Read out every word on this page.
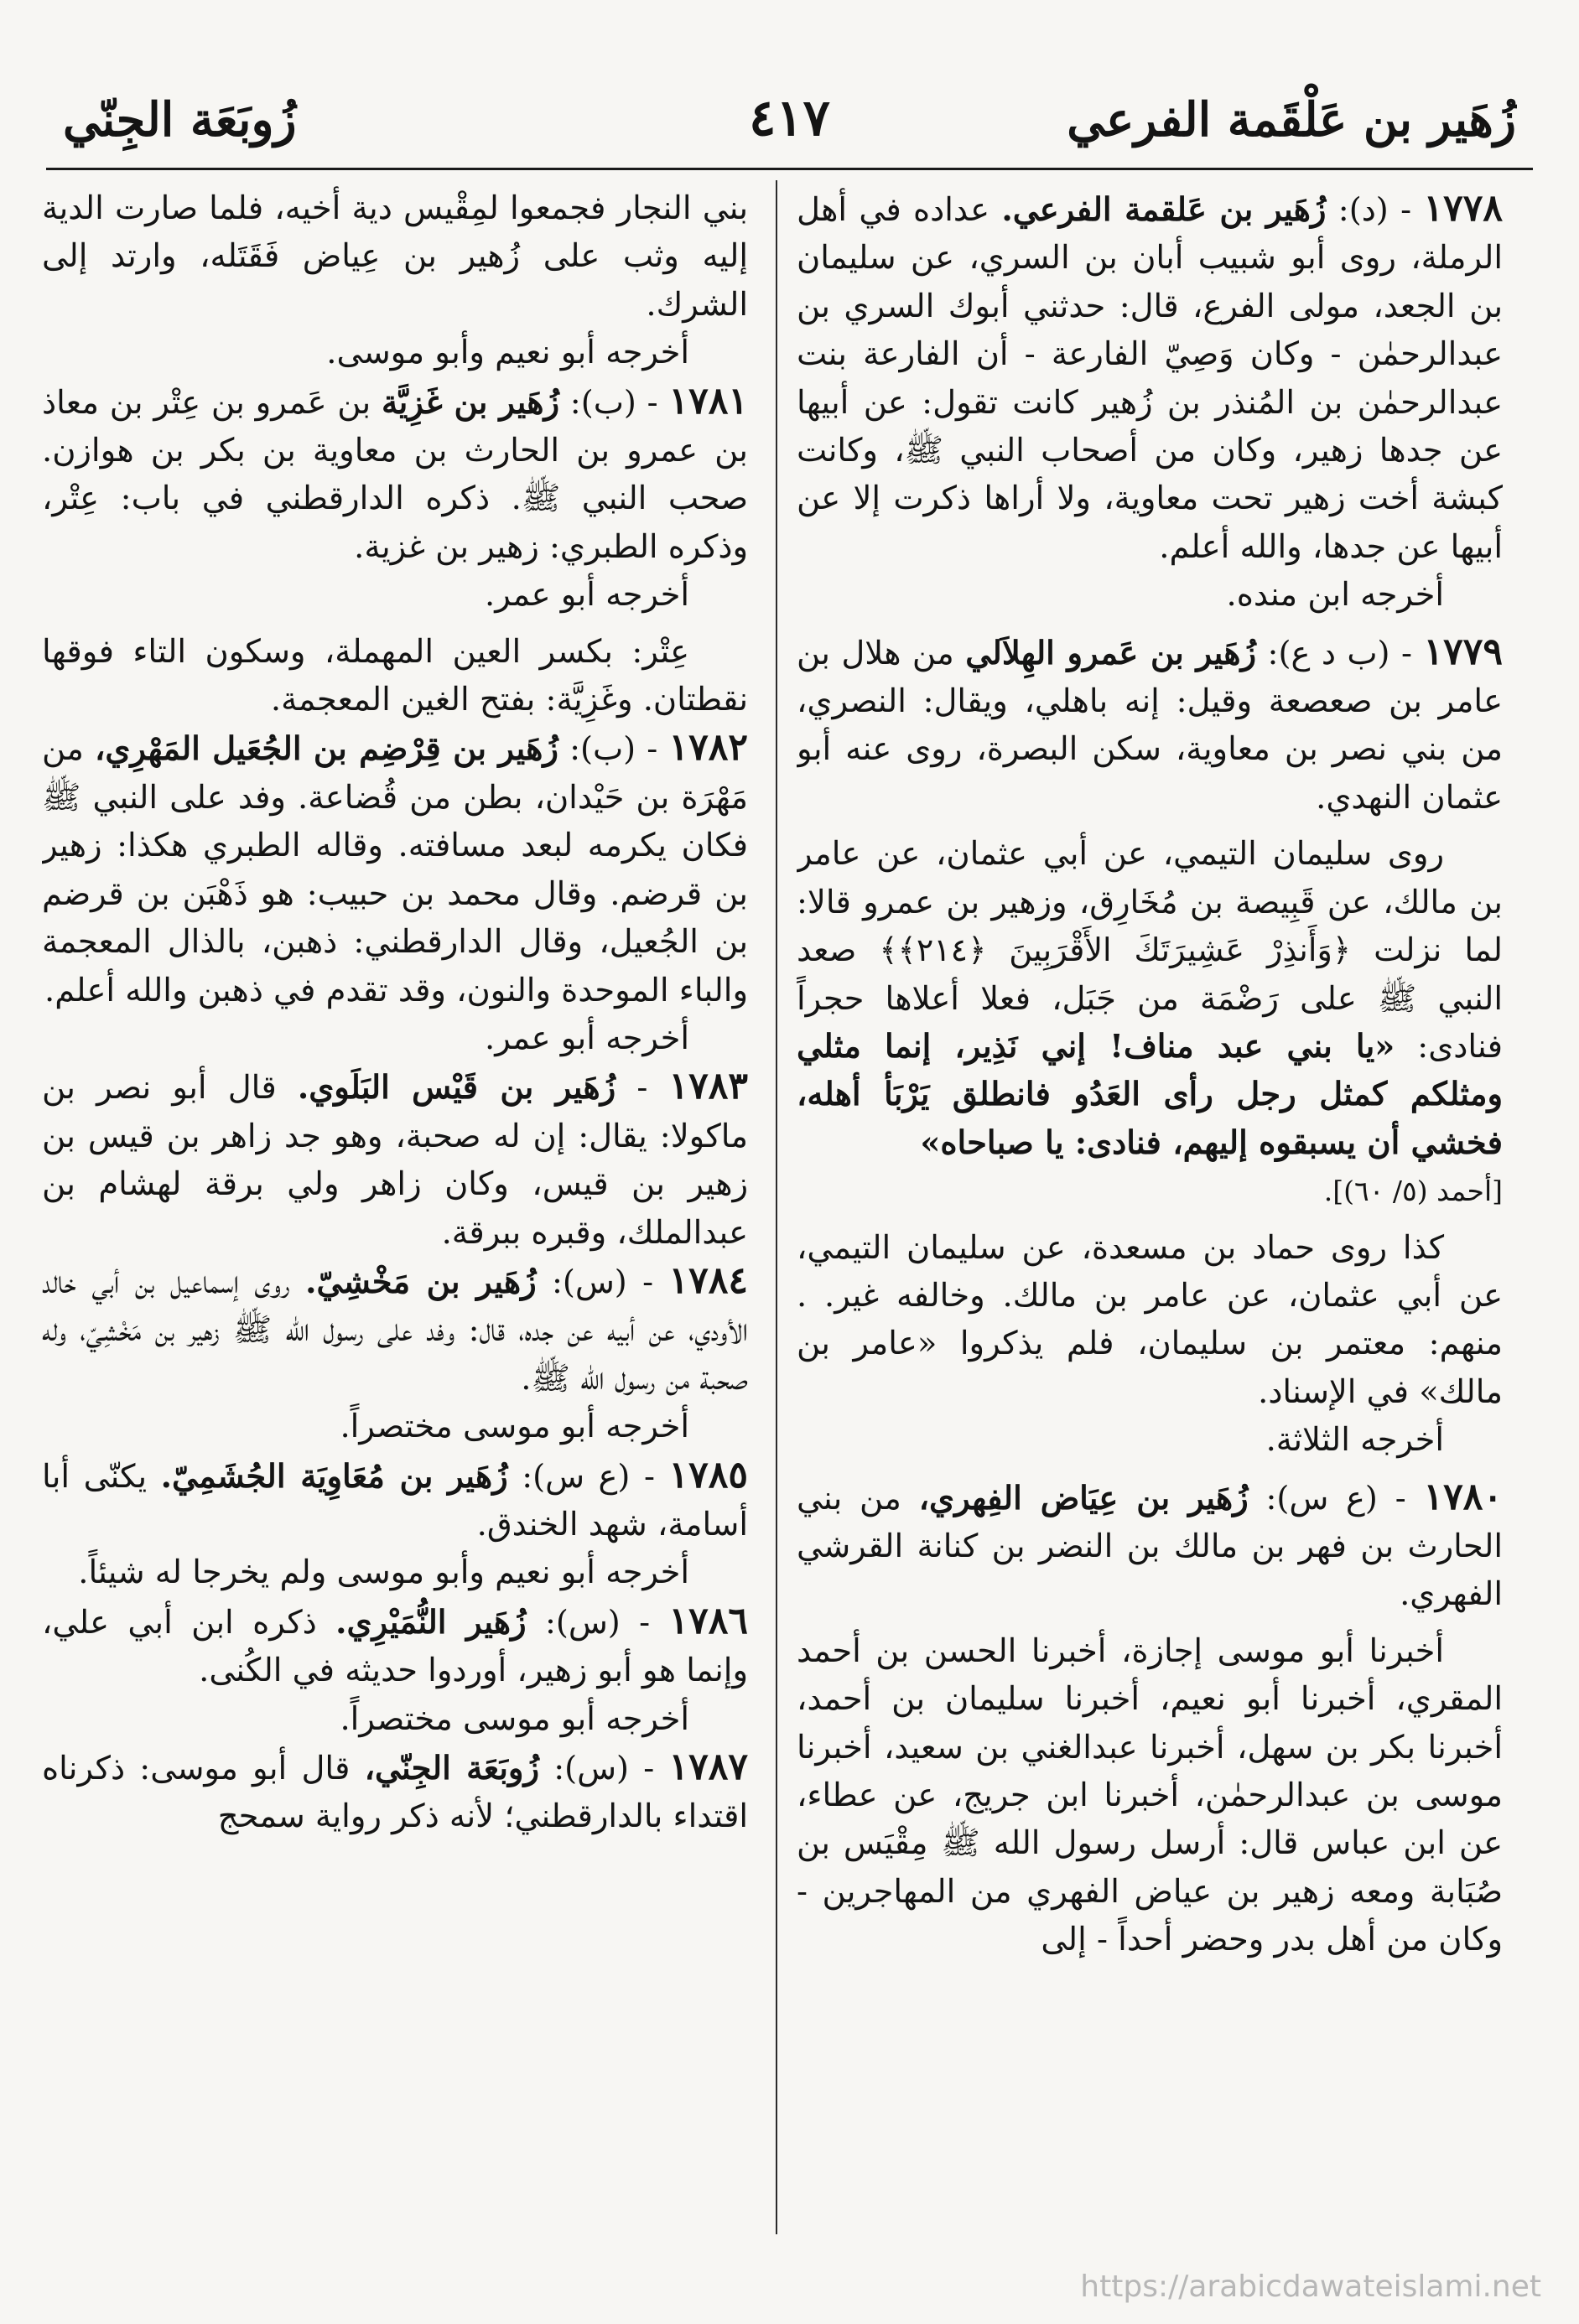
زُهَير بن عَلْقَمة الفرعي
٤١٧
زُوبَعَة الجِنّي

١٧٧٨ - (د): زُهَير بن عَلقمة الفرعي. عداده في أهل الرملة، روى أبو شبيب أبان بن السري، عن سليمان بن الجعد، مولى الفرع، قال: حدثني أبوك السري بن عبدالرحمٰن - وكان وَصِيّ الفارعة - أن الفارعة بنت عبدالرحمٰن بن المُنذر بن زُهير كانت تقول: عن أبيها عن جدها زهير، وكان من أصحاب النبي ﷺ، وكانت كبشة أخت زهير تحت معاوية، ولا أراها ذكرت إلا عن أبيها عن جدها، والله أعلم.

أخرجه ابن منده.

١٧٧٩ - (ب د ع): زُهَير بن عَمرو الهِلاَلي من هلال بن عامر بن صعصعة وقيل: إنه باهلي، ويقال: النصري، من بني نصر بن معاوية، سكن البصرة، روى عنه أبو عثمان النهدي.

روى سليمان التيمي، عن أبي عثمان، عن عامر بن مالك، عن قَبِيصة بن مُخَارِق، وزهير بن عمرو قالا: لما نزلت ﴿وَأَنذِرْ عَشِيرَتَكَ الأَقْرَبِينَ ﴿٢١٤﴾﴾ صعد النبي ﷺ على رَضْمَة من جَبَل، فعلا أعلاها حجراً فنادى: «يا بني عبد مناف! إني نَذِير، إنما مثلي ومثلكم كمثل رجل رأى العَدُو فانطلق يَرْبَأ أهله، فخشي أن يسبقوه إليهم، فنادى: يا صباحاه»

[أحمد (٥/ ٦٠)].

كذا روى حماد بن مسعدة، عن سليمان التيمي، عن أبي عثمان، عن عامر بن مالك. وخالفه غير. . منهم: معتمر بن سليمان، فلم يذكروا «عامر بن مالك» في الإسناد.

أخرجه الثلاثة.

١٧٨٠ - (ع س): زُهَير بن عِيَاض الفِهري، من بني الحارث بن فهر بن مالك بن النضر بن كنانة القرشي الفهري.

أخبرنا أبو موسى إجازة، أخبرنا الحسن بن أحمد المقري، أخبرنا أبو نعيم، أخبرنا سليمان بن أحمد، أخبرنا بكر بن سهل، أخبرنا عبدالغني بن سعيد، أخبرنا موسى بن عبدالرحمٰن، أخبرنا ابن جريج، عن عطاء، عن ابن عباس قال: أرسل رسول الله ﷺ مِقْيَس بن صُبَابة ومعه زهير بن عياض الفهري من المهاجرين - وكان من أهل بدر وحضر أحداً - إلى

بني النجار فجمعوا لمِقْيس دية أخيه، فلما صارت الدية إليه وثب على زُهير بن عِياض فَقَتَله، وارتد إلى الشرك.

أخرجه أبو نعيم وأبو موسى.

١٧٨١ - (ب): زُهَير بن غَزِيَّة بن عَمرو بن عِتْر بن معاذ بن عمرو بن الحارث بن معاوية بن بكر بن هوازن. صحب النبي ﷺ. ذكره الدارقطني في باب: عِتْر، وذكره الطبري: زهير بن غزية.

أخرجه أبو عمر.

عِتْر: بكسر العين المهملة، وسكون التاء فوقها نقطتان. وغَزِيَّة: بفتح الغين المعجمة.

١٧٨٢ - (ب): زُهَير بن قِرْضِم بن الجُعَيل المَهْرِي، من مَهْرَة بن حَيْدان، بطن من قُضاعة. وفد على النبي ﷺ فكان يكرمه لبعد مسافته. وقاله الطبري هكذا: زهير بن قرضم. وقال محمد بن حبيب: هو ذَهْبَن بن قرضم بن الجُعيل، وقال الدارقطني: ذهبن، بالذال المعجمة والباء الموحدة والنون، وقد تقدم في ذهبن والله أعلم.

أخرجه أبو عمر.

١٧٨٣ - زُهَير بن قَيْس البَلَوي. قال أبو نصر بن ماكولا: يقال: إن له صحبة، وهو جد زاهر بن قيس بن زهير بن قيس، وكان زاهر ولي برقة لهشام بن عبدالملك، وقبره ببرقة.

١٧٨٤ - (س): زُهَير بن مَخْشِيّ. روى إسماعيل بن أبي خالد الأودي، عن أبيه عن جده، قال: وفد على رسول الله ﷺ زهير بن مَخْشِيّ، وله صحبة من رسول الله ﷺ.

أخرجه أبو موسى مختصراً.

١٧٨٥ - (ع س): زُهَير بن مُعَاوِيَة الجُشَمِيّ. يكنّى أبا أسامة، شهد الخندق.

أخرجه أبو نعيم وأبو موسى ولم يخرجا له شيئاً.

١٧٨٦ - (س): زُهَير النُّمَيْرِي. ذكره ابن أبي علي، وإنما هو أبو زهير، أوردوا حديثه في الكُنى.

أخرجه أبو موسى مختصراً.

١٧٨٧ - (س): زُوبَعَة الجِنّي، قال أبو موسى: ذكرناه اقتداء بالدارقطني؛ لأنه ذكر رواية سمحج

https://arabicdawateislami.net
